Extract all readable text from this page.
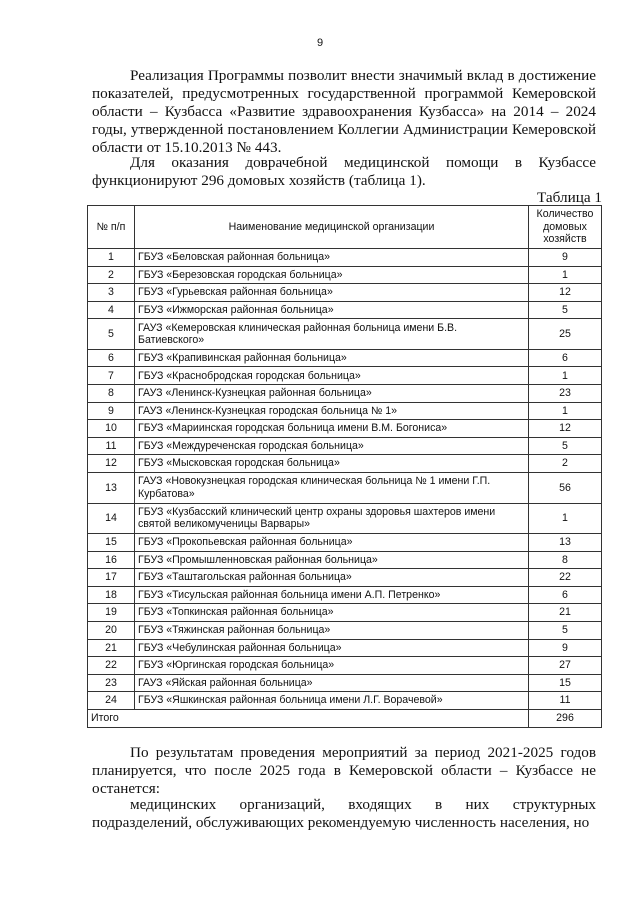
9

Реализация Программы позволит внести значимый вклад в достижение показателей, предусмотренных государственной программой Кемеровской области – Кузбасса «Развитие здравоохранения Кузбасса» на 2014 – 2024 годы, утвержденной постановлением Коллегии Администрации Кемеровской области от 15.10.2013 № 443.

Для оказания доврачебной медицинской помощи в Кузбассе функционируют 296 домовых хозяйств (таблица 1).

Таблица 1
№ п/п	Наименование медицинской организации	Количество домовых хозяйств
1	ГБУЗ «Беловская районная больница»	9
2	ГБУЗ «Березовская городская больница»	1
3	ГБУЗ «Гурьевская районная больница»	12
4	ГБУЗ «Ижморская районная больница»	5
5	ГАУЗ «Кемеровская клиническая районная больница имени Б.В. Батиевского»	25
6	ГБУЗ «Крапивинская районная больница»	6
7	ГБУЗ «Краснобродская городская больница»	1
8	ГАУЗ «Ленинск-Кузнецкая районная больница»	23
9	ГАУЗ «Ленинск-Кузнецкая городская больница № 1»	1
10	ГБУЗ «Мариинская городская больница имени В.М. Богониса»	12
11	ГБУЗ «Междуреченская городская больница»	5
12	ГБУЗ «Мысковская городская больница»	2
13	ГАУЗ «Новокузнецкая городская клиническая больница № 1 имени Г.П. Курбатова»	56
14	ГБУЗ «Кузбасский клинический центр охраны здоровья шахтеров имени святой великомученицы Варвары»	1
15	ГБУЗ «Прокопьевская районная больница»	13
16	ГБУЗ «Промышленновская районная больница»	8
17	ГБУЗ «Таштагольская районная больница»	22
18	ГБУЗ «Тисульская районная больница имени А.П. Петренко»	6
19	ГБУЗ «Топкинская районная больница»	21
20	ГБУЗ «Тяжинская районная больница»	5
21	ГБУЗ «Чебулинская районная больница»	9
22	ГБУЗ «Юргинская городская больница»	27
23	ГАУЗ «Яйская районная больница»	15
24	ГБУЗ «Яшкинская районная больница имени Л.Г. Ворачевой»	11
Итого		296

По результатам проведения мероприятий за период 2021-2025 годов планируется, что после 2025 года в Кемеровской области – Кузбассе не останется:

медицинских организаций, входящих в них структурных подразделений, обслуживающих рекомендуемую численность населения, но
